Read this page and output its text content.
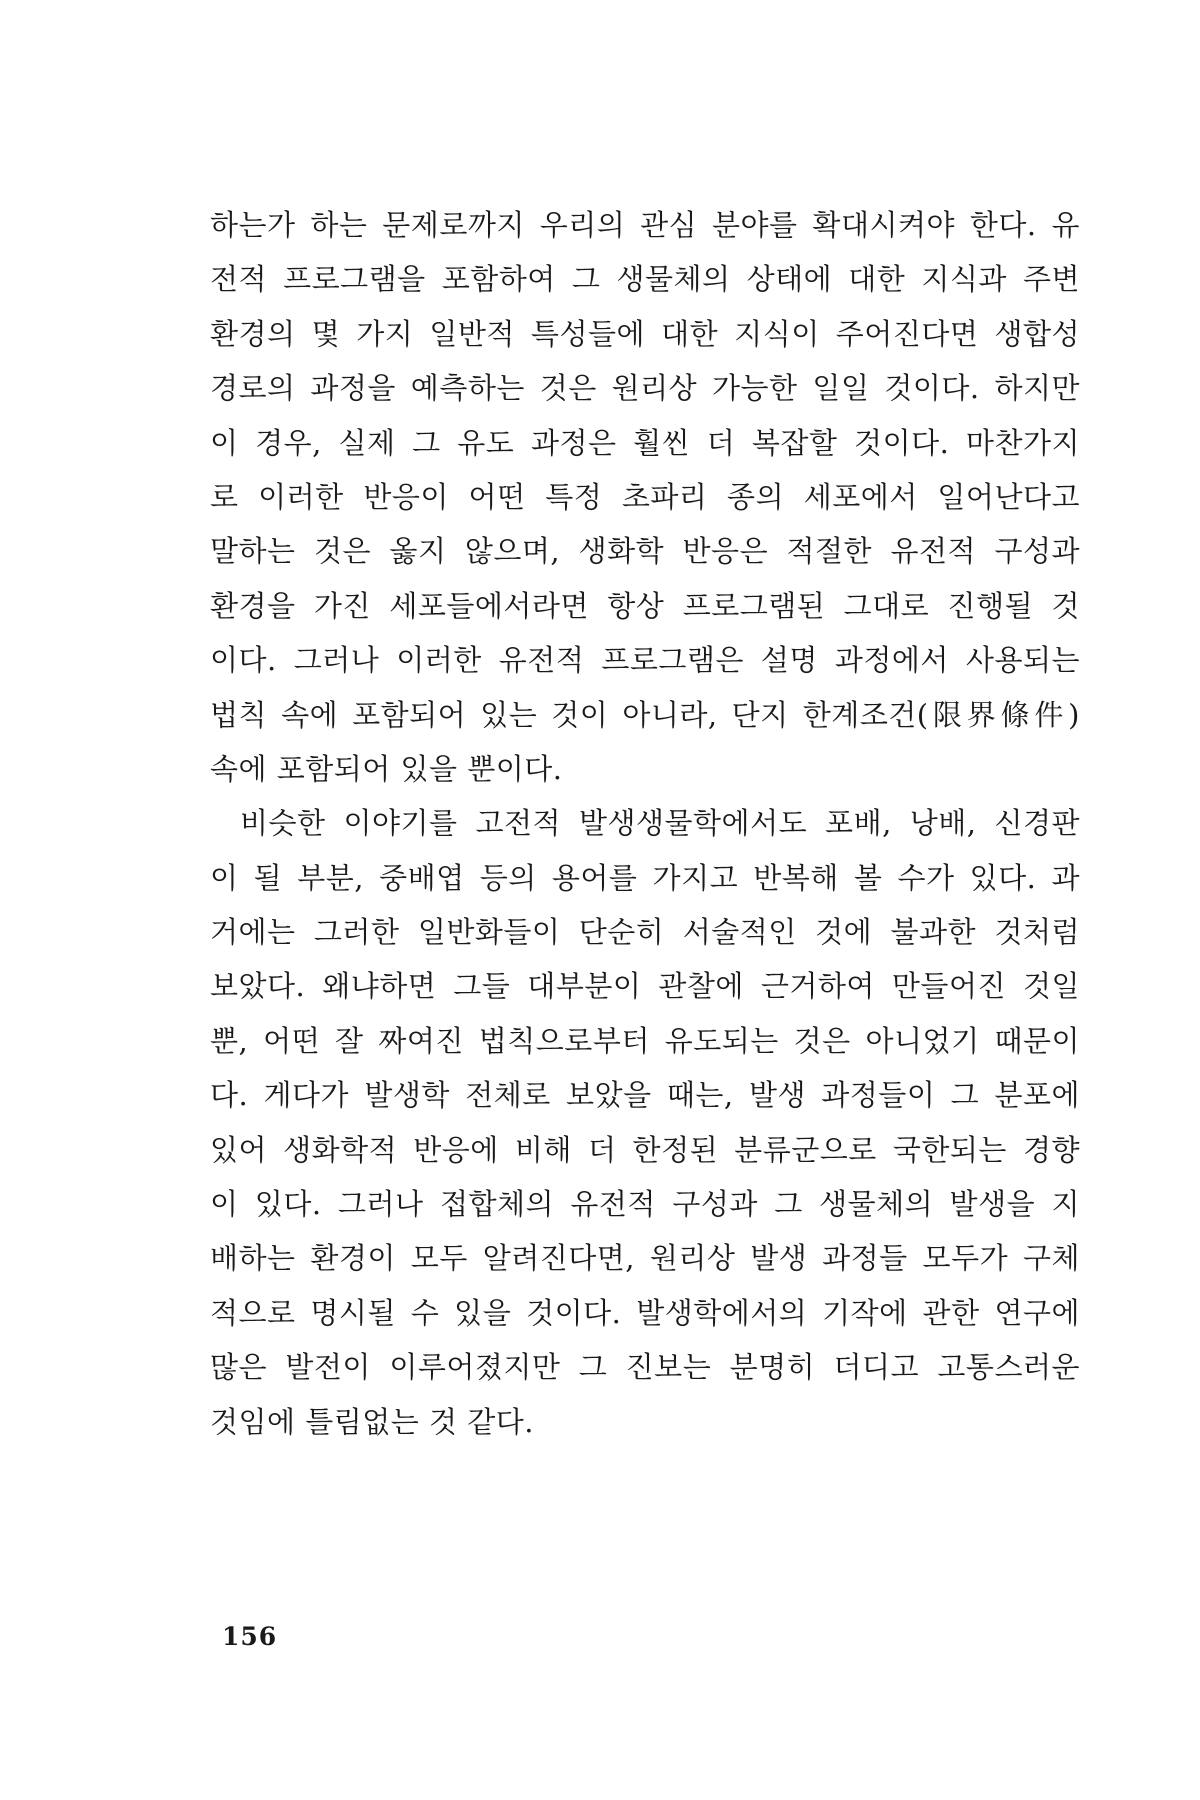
하는가 하는 문제로까지 우리의 관심 분야를 확대시켜야 한다. 유
전적 프로그램을 포함하여 그 생물체의 상태에 대한 지식과 주변
환경의 몇 가지 일반적 특성들에 대한 지식이 주어진다면 생합성
경로의 과정을 예측하는 것은 원리상 가능한 일일 것이다. 하지만
이 경우, 실제 그 유도 과정은 훨씬 더 복잡할 것이다. 마찬가지
로 이러한 반응이 어떤 특정 초파리 종의 세포에서 일어난다고
말하는 것은 옳지 않으며, 생화학 반응은 적절한 유전적 구성과
환경을 가진 세포들에서라면 항상 프로그램된 그대로 진행될 것
이다. 그러나 이러한 유전적 프로그램은 설명 과정에서 사용되는
법칙 속에 포함되어 있는 것이 아니라, 단지 한계조건(限界條件)
속에 포함되어 있을 뿐이다.
비슷한 이야기를 고전적 발생생물학에서도 포배, 낭배, 신경판
이 될 부분, 중배엽 등의 용어를 가지고 반복해 볼 수가 있다. 과
거에는 그러한 일반화들이 단순히 서술적인 것에 불과한 것처럼
보았다. 왜냐하면 그들 대부분이 관찰에 근거하여 만들어진 것일
뿐, 어떤 잘 짜여진 법칙으로부터 유도되는 것은 아니었기 때문이
다. 게다가 발생학 전체로 보았을 때는, 발생 과정들이 그 분포에
있어 생화학적 반응에 비해 더 한정된 분류군으로 국한되는 경향
이 있다. 그러나 접합체의 유전적 구성과 그 생물체의 발생을 지
배하는 환경이 모두 알려진다면, 원리상 발생 과정들 모두가 구체
적으로 명시될 수 있을 것이다. 발생학에서의 기작에 관한 연구에
많은 발전이 이루어졌지만 그 진보는 분명히 더디고 고통스러운
것임에 틀림없는 것 같다.
156
